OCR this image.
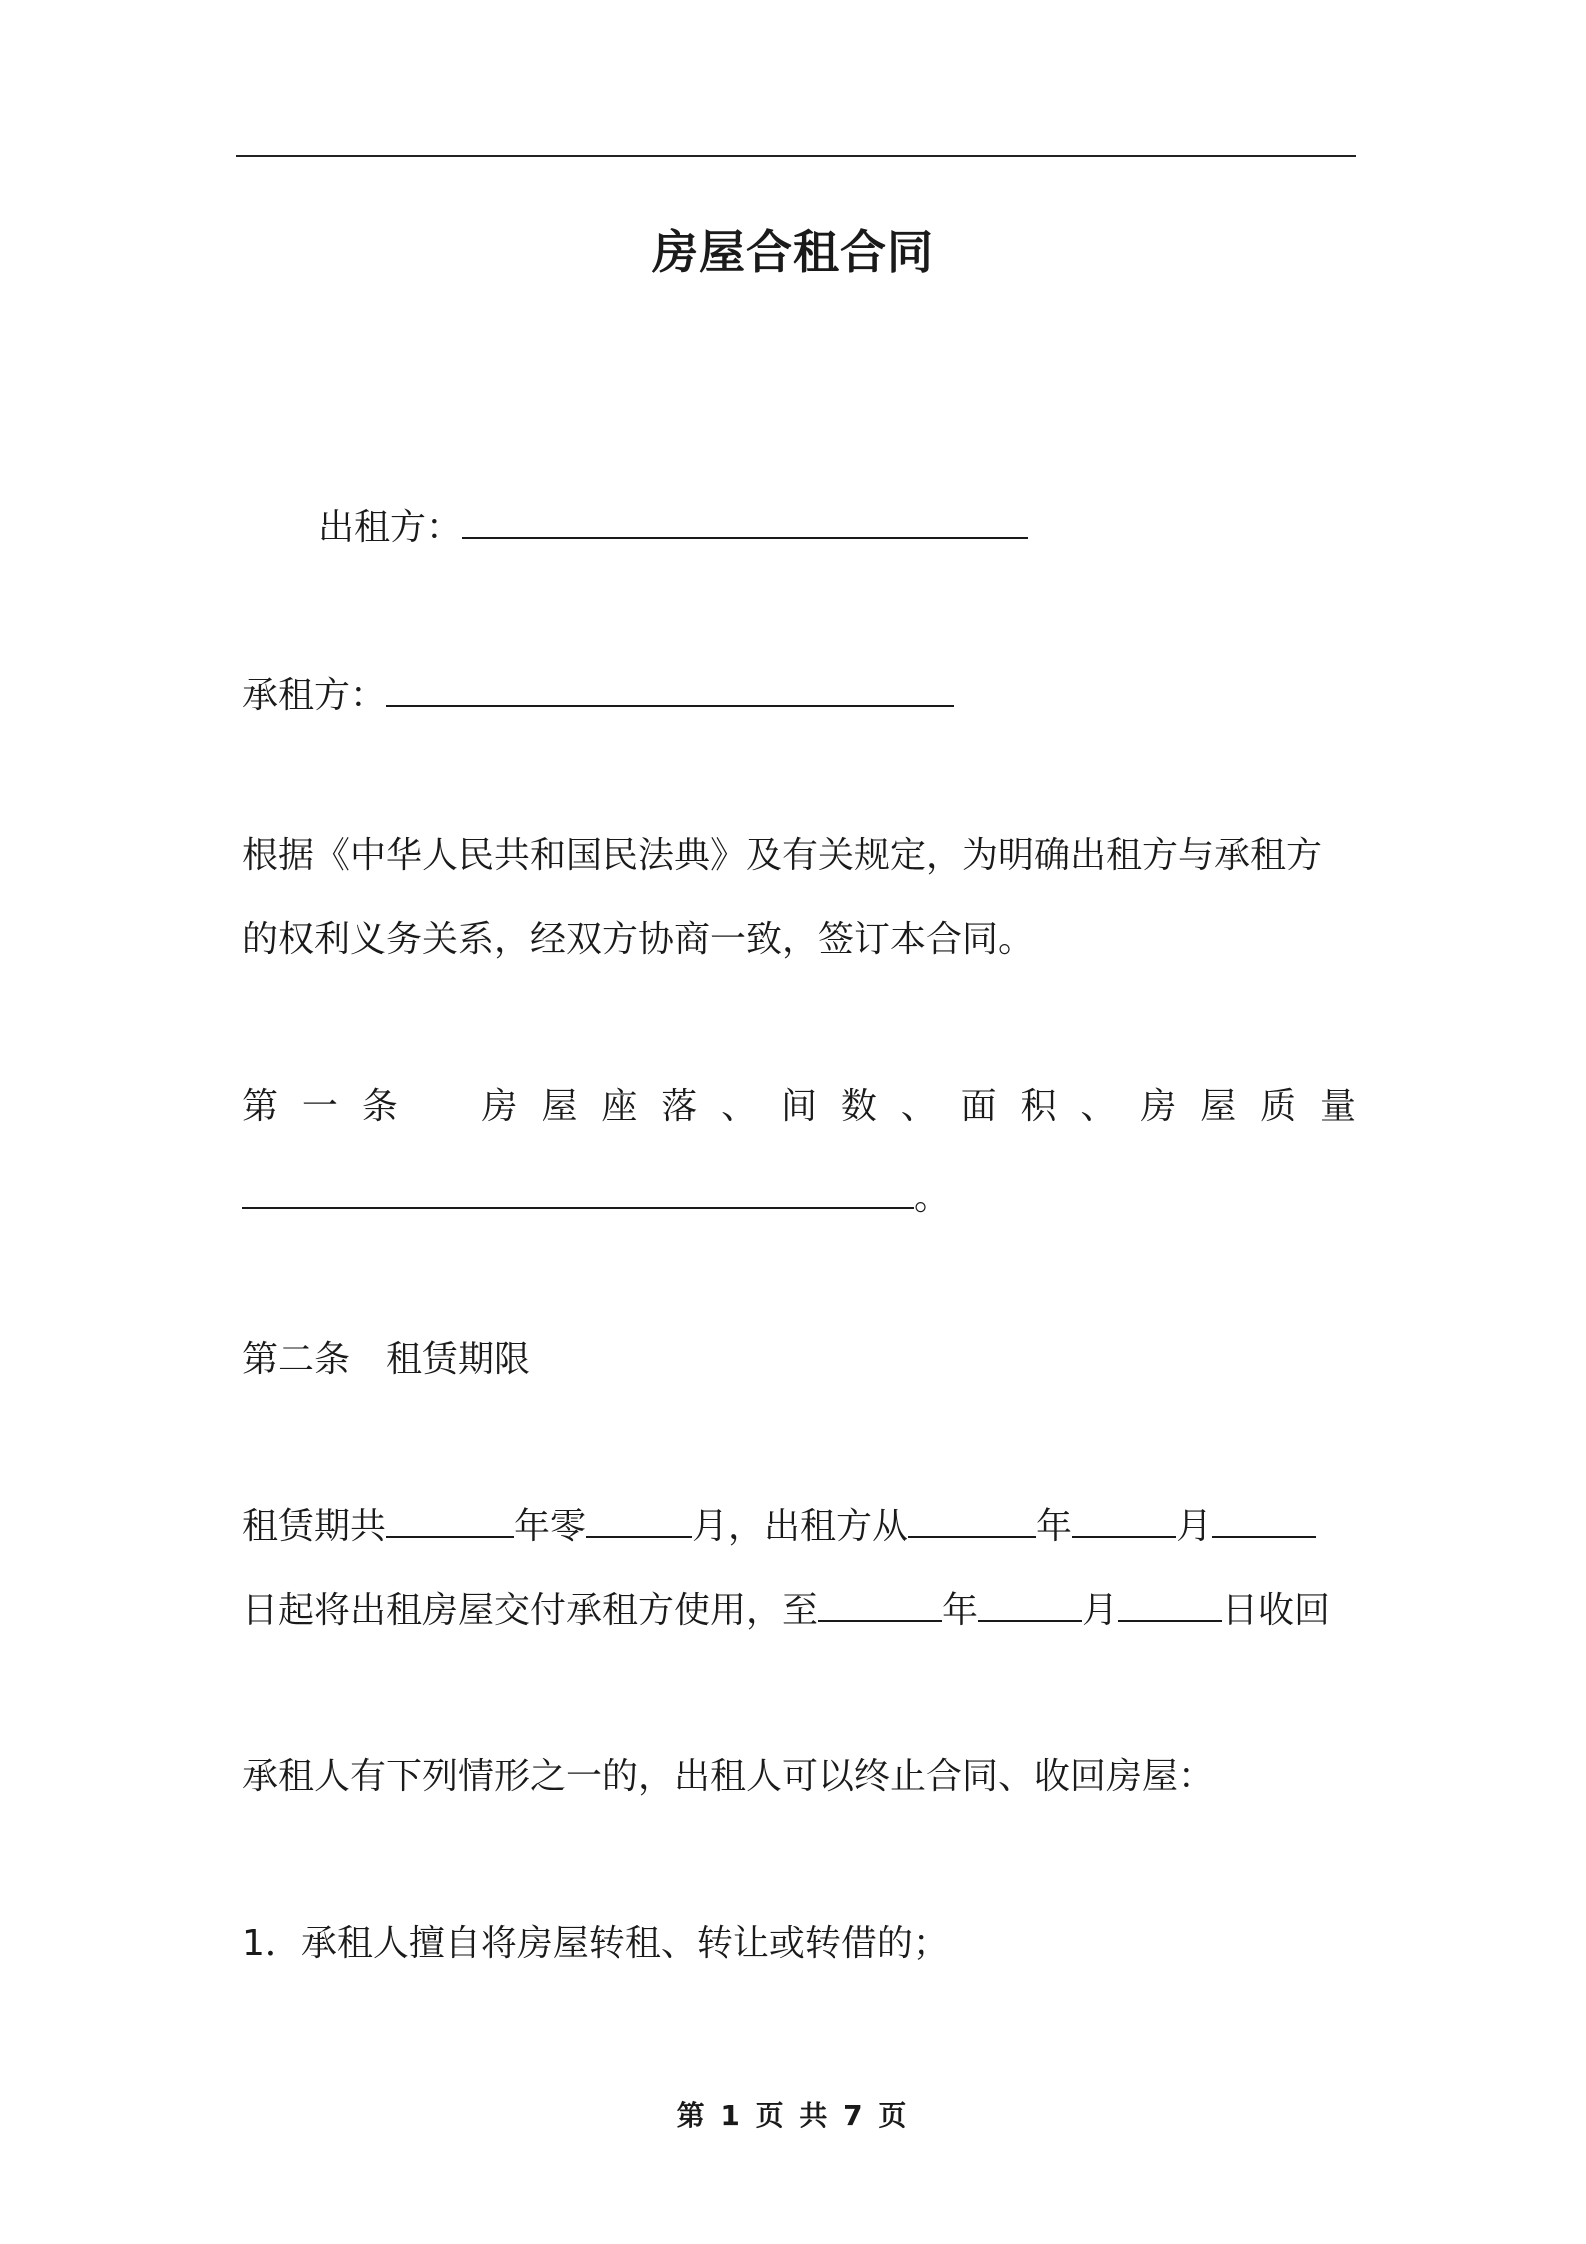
房屋合租合同
出租方：
承租方：
根据《中华人民共和国民法典》及有关规定，为明确出租方与承租方
的权利义务关系，经双方协商一致，签订本合同。
第一条　房屋座落、间数、面积、房屋质量
。
第二条　租赁期限
租赁期共	年零	月，出租方从	年	月
日起将出租房屋交付承租方使用，至	年	月	日收回
承租人有下列情形之一的，出租人可以终止合同、收回房屋：
1．承租人擅自将房屋转租、转让或转借的；
第 1 页 共 7 页
